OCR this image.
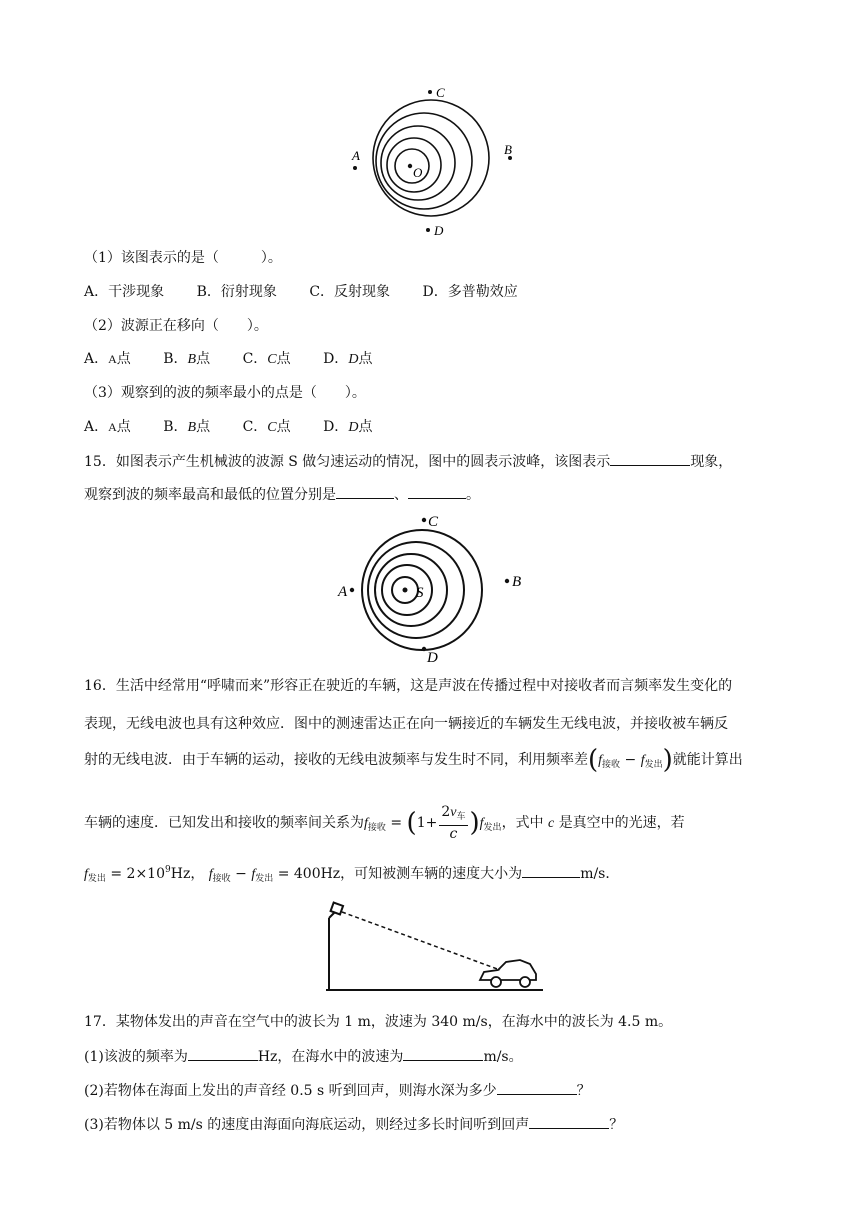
C
A	B
D
O
（1）该图表示的是（　　　）。
A．干涉现象 B．衍射现象 C．反射现象 D．多普勒效应
（2）波源正在移向（　　）。
A．A点 B．B点 C．C点 D．D点
（3）观察到的波的频率最小的点是（　　）。
A．A点 B．B点 C．C点 D．D点
15．如图表示产生机械波的波源 S 做匀速运动的情况，图中的圆表示波峰，该图表示	现象，
观察到波的频率最高和最低的位置分别是	、	。
C
A
B
D
S
16．生活中经常用“呼啸而来”形容正在驶近的车辆，这是声波在传播过程中对接收者而言频率发生变化的
表现，无线电波也具有这种效应．图中的测速雷达正在向一辆接近的车辆发生无线电波，并接收被车辆反
射的无线电波．由于车辆的运动，接收的无线电波频率与发生时不同，利用频率差$(f_{接收} - f_{发出})$就能计算出
车辆的速度．已知发出和接收的频率间关系为$f_{接收} = (1+ \frac{2v_车}{c} )f_{发出}$，式中 c 是真空中的光速，若
$f_{发出} = 2\times 10^9Hz$， $f_{接收} - f_{发出} = 400Hz$，可知被测车辆的速度大小为	m/s．
17．某物体发出的声音在空气中的波长为 1 m，波速为 340 m/s，在海水中的波长为 4.5 m。
(1)该波的频率为	Hz，在海水中的波速为	m/s。
(2)若物体在海面上发出的声音经 0.5 s 听到回声，则海水深为多少	？
(3)若物体以 5 m/s 的速度由海面向海底运动，则经过多长时间听到回声	？
